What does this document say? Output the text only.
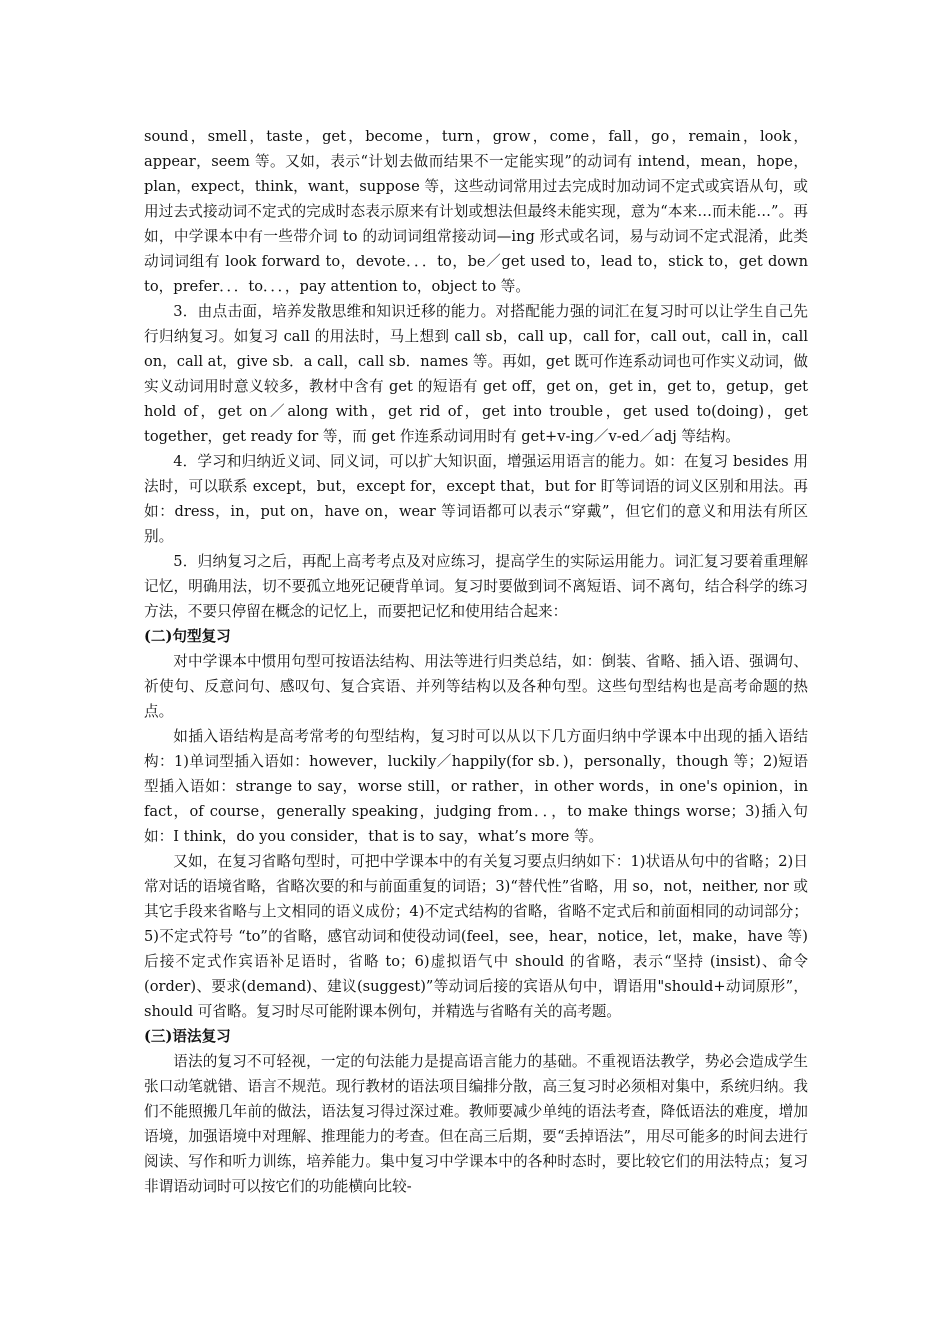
sound，smell，taste，get，become，turn，grow，come，fall，go，remain，look，appear，seem 等。又如，表示“计划去做而结果不一定能实现”的动词有 intend，mean，hope，plan，expect，think，want，suppose 等，这些动词常用过去完成时加动词不定式或宾语从句，或用过去式接动词不定式的完成时态表示原来有计划或想法但最终未能实现，意为“本来…而未能…”。再如，中学课本中有一些带介词 to 的动词词组常接动词—ing 形式或名词，易与动词不定式混淆，此类动词词组有 look forward to，devote．．．to，be／get used to，lead to，stick to，get down to，prefer．．．to．．．，pay attention to，object to 等。

3．由点击面，培养发散思维和知识迁移的能力。对搭配能力强的词汇在复习时可以让学生自己先行归纳复习。如复习 call 的用法时，马上想到 call sb，call up，call for，call out，call in，call on，call at，give sb．a call，call sb．names 等。再如，get 既可作连系动词也可作实义动词，做实义动词用时意义较多，教材中含有 get 的短语有 get off，get on，get in，get to，getup，get hold of，get on／along with，get rid of，get into trouble，get used to(doing)，get together，get ready for 等，而 get 作连系动词用时有 get+v-ing／v-ed／adj 等结构。

4．学习和归纳近义词、同义词，可以扩大知识面，增强运用语言的能力。如：在复习 besides 用法时，可以联系 except，but，except for，except that，but for 盯等词语的词义区别和用法。再如：dress，in，put on，have on，wear 等词语都可以表示“穿戴”，但它们的意义和用法有所区别。

5．归纳复习之后，再配上高考考点及对应练习，提高学生的实际运用能力。词汇复习要着重理解记忆，明确用法，切不要孤立地死记硬背单词。复习时要做到词不离短语、词不离句，结合科学的练习方法，不要只停留在概念的记忆上，而要把记忆和使用结合起来：

(二)句型复习

对中学课本中惯用句型可按语法结构、用法等进行归类总结，如：倒装、省略、插入语、强调句、祈使句、反意问句、感叹句、复合宾语、并列等结构以及各种句型。这些句型结构也是高考命题的热点。

如插入语结构是高考常考的句型结构，复习时可以从以下几方面归纳中学课本中出现的插入语结构：1)单词型插入语如：however，luckily／happily(for sb．)，personally，though 等；2)短语型插入语如：strange to say，worse still，or rather，in other words，in one's opinion，in fact，of course，generally speaking，judging from．．，to make things worse；3)插入句如：I think，do you consider，that is to say，what’s more 等。

又如，在复习省略句型时，可把中学课本中的有关复习要点归纳如下：1)状语从句中的省略；2)日常对话的语境省略，省略次要的和与前面重复的词语；3)“替代性”省略，用 so，not，neither, nor 或其它手段来省略与上文相同的语义成份；4)不定式结构的省略，省略不定式后和前面相同的动词部分；5)不定式符号 “to”的省略，感官动词和使役动词(feel，see，hear，notice，let，make，have 等) 后接不定式作宾语补足语时，省略 to；6)虚拟语气中 should 的省略，表示“坚持 (insist)、命令(order)、要求(demand)、建议(suggest)”等动词后接的宾语从句中，谓语用"should+动词原形”，should 可省略。复习时尽可能附课本例句，并精选与省略有关的高考题。

(三)语法复习

语法的复习不可轻视，一定的句法能力是提高语言能力的基础。不重视语法教学，势必会造成学生张口动笔就错、语言不规范。现行教材的语法项目编排分散，高三复习时必须相对集中，系统归纳。我们不能照搬几年前的做法，语法复习得过深过难。教师要减少单纯的语法考查，降低语法的难度，增加语境，加强语境中对理解、推理能力的考查。但在高三后期，要“丢掉语法”，用尽可能多的时间去进行阅读、写作和听力训练，培养能力。集中复习中学课本中的各种时态时，要比较它们的用法特点；复习非谓语动词时可以按它们的功能横向比较-
